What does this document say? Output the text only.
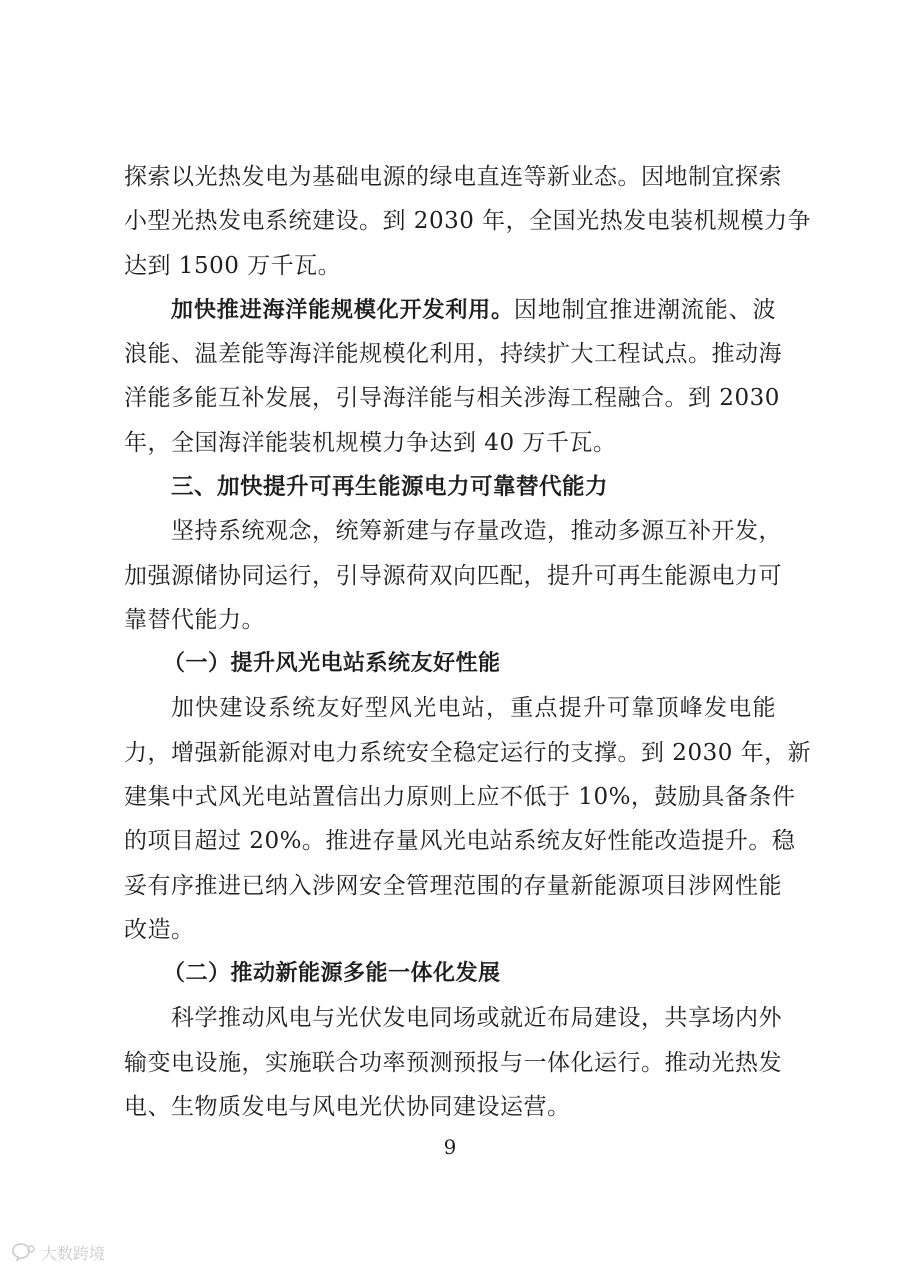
探索以光热发电为基础电源的绿电直连等新业态。因地制宜探索
小型光热发电系统建设。到 2030 年，全国光热发电装机规模力争
达到 1500 万千瓦。
加快推进海洋能规模化开发利用。因地制宜推进潮流能、波
浪能、温差能等海洋能规模化利用，持续扩大工程试点。推动海
洋能多能互补发展，引导海洋能与相关涉海工程融合。到 2030
年，全国海洋能装机规模力争达到 40 万千瓦。
三、加快提升可再生能源电力可靠替代能力
坚持系统观念，统筹新建与存量改造，推动多源互补开发，
加强源储协同运行，引导源荷双向匹配，提升可再生能源电力可
靠替代能力。
（一）提升风光电站系统友好性能
加快建设系统友好型风光电站，重点提升可靠顶峰发电能
力，增强新能源对电力系统安全稳定运行的支撑。到 2030 年，新
建集中式风光电站置信出力原则上应不低于 10%，鼓励具备条件
的项目超过 20%。推进存量风光电站系统友好性能改造提升。稳
妥有序推进已纳入涉网安全管理范围的存量新能源项目涉网性能
改造。
（二）推动新能源多能一体化发展
科学推动风电与光伏发电同场或就近布局建设，共享场内外
输变电设施，实施联合功率预测预报与一体化运行。推动光热发
电、生物质发电与风电光伏协同建设运营。
9
大数跨境
